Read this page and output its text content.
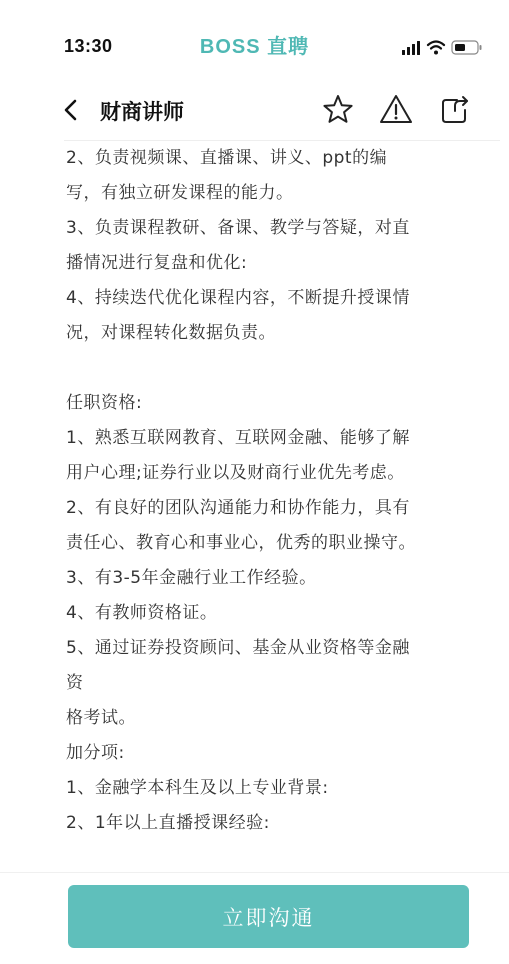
13:30	BOSS 直聘
财商讲师
2、负责视频课、直播课、讲义、ppt的编
写，有独立研发课程的能力。
3、负责课程教研、备课、教学与答疑，对直
播情况进行复盘和优化:
4、持续迭代优化课程内容，不断提升授课情
况，对课程转化数据负责。

任职资格:
1、熟悉互联网教育、互联网金融、能够了解
用户心理;证券行业以及财商行业优先考虑。
2、有良好的团队沟通能力和协作能力，具有
责任心、教育心和事业心，优秀的职业操守。
3、有3-5年金融行业工作经验。
4、有教师资格证。
5、通过证券投资顾问、基金从业资格等金融
资
格考试。
加分项:
1、金融学本科生及以上专业背景:
2、1年以上直播授课经验:
立即沟通
